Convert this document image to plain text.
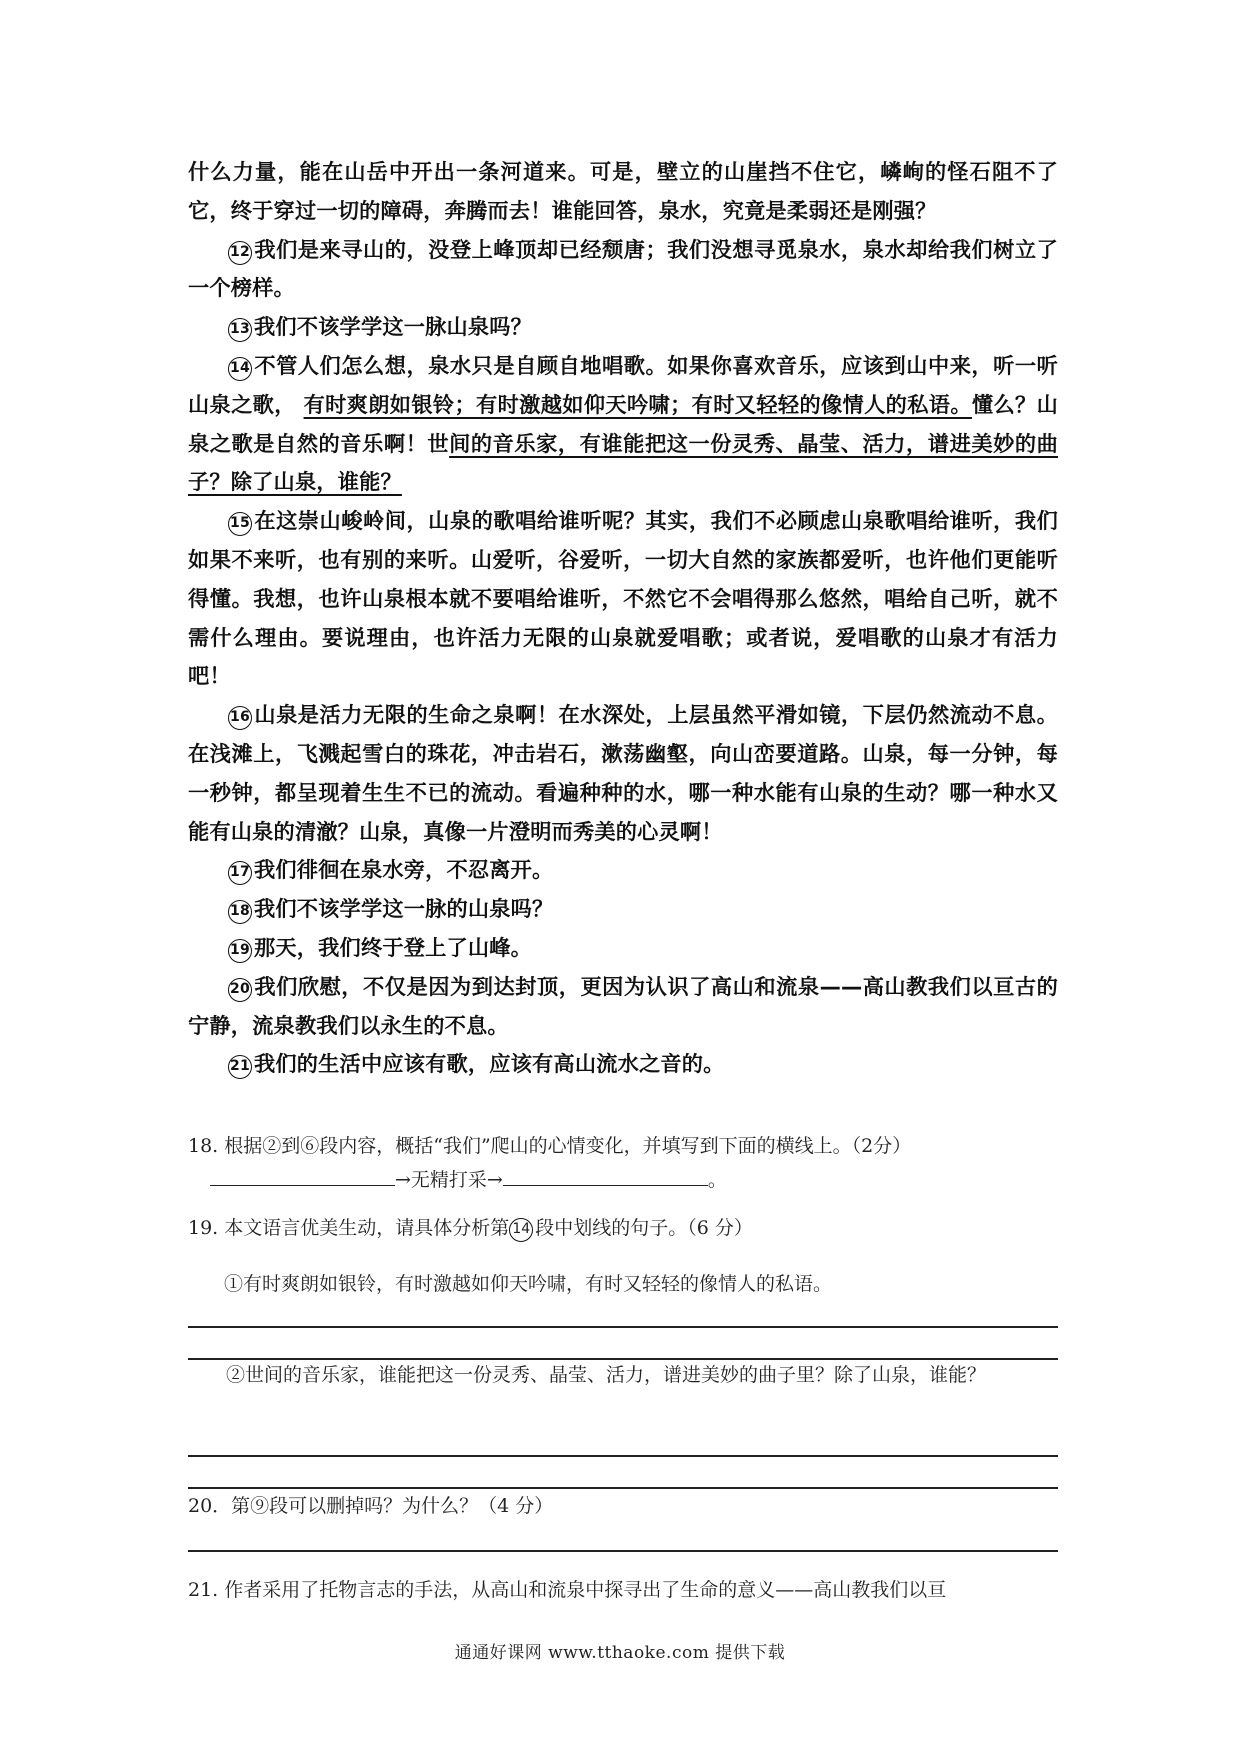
什么力量，能在山岳中开出一条河道来。可是，壁立的山崖挡不住它，嶙峋的怪石阻不了它，终于穿过一切的障碍，奔腾而去！谁能回答，泉水，究竟是柔弱还是刚强？

12 我们是来寻山的，没登上峰顶却已经颓唐；我们没想寻觅泉水，泉水却给我们树立了一个榜样。

13 我们不该学学这一脉山泉吗？

14 不管人们怎么想，泉水只是自顾自地唱歌。如果你喜欢音乐，应该到山中来，听一听山泉之歌， 有时爽朗如银铃；有时激越如仰天吟啸；有时又轻轻的像情人的私语。懂么？山泉之歌是自然的音乐啊！世间的音乐家，有谁能把这一份灵秀、晶莹、活力，谱进美妙的曲子？除了山泉，谁能？

15 在这崇山峻岭间，山泉的歌唱给谁听呢？其实，我们不必顾虑山泉歌唱给谁听，我们如果不来听，也有别的来听。山爱听，谷爱听，一切大自然的家族都爱听，也许他们更能听得懂。我想，也许山泉根本就不要唱给谁听，不然它不会唱得那么悠然，唱给自己听，就不需什么理由。要说理由，也许活力无限的山泉就爱唱歌；或者说，爱唱歌的山泉才有活力吧！

16 山泉是活力无限的生命之泉啊！在水深处，上层虽然平滑如镜，下层仍然流动不息。在浅滩上，飞溅起雪白的珠花，冲击岩石，漱荡幽壑，向山峦要道路。山泉，每一分钟，每一秒钟，都呈现着生生不已的流动。看遍种种的水，哪一种水能有山泉的生动？哪一种水又能有山泉的清澈？山泉，真像一片澄明而秀美的心灵啊！

17 我们徘徊在泉水旁，不忍离开。

18 我们不该学学这一脉的山泉吗？

19 那天，我们终于登上了山峰。

20 我们欣慰，不仅是因为到达封顶，更因为认识了高山和流泉——高山教我们以亘古的宁静，流泉教我们以永生的不息。

21 我们的生活中应该有歌，应该有高山流水之音的。

18. 根据②到⑥段内容，概括“我们”爬山的心情变化，并填写到下面的横线上。（2分）
→无精打采→	。
19. 本文语言优美生动，请具体分析第 14 段中划线的句子。（6 分）
①有时爽朗如银铃，有时激越如仰天吟啸，有时又轻轻的像情人的私语。
②世间的音乐家，谁能把这一份灵秀、晶莹、活力，谱进美妙的曲子里？除了山泉，谁能？
20．第⑨段可以删掉吗？为什么？（4 分）
21. 作者采用了托物言志的手法，从高山和流泉中探寻出了生命的意义——高山教我们以亘
通通好课网 www.tthaoke.com 提供下载
